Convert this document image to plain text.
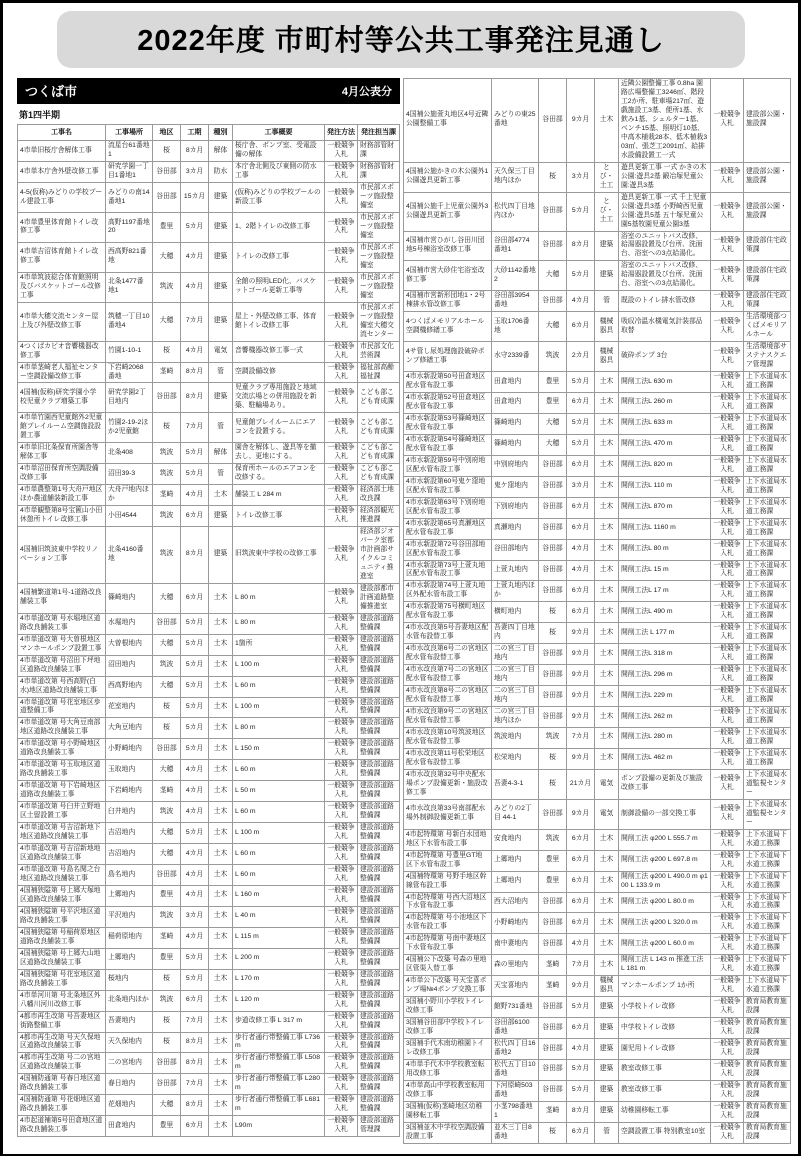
2022年度 市町村等公共工事発注見通し
つくば市	4月公表分
第1四半期
工事名	工事場所	地区	工期	種別	工事概要	発注方法	発注担当課
4市単旧桜庁舎解体工事	流星台61番地1	桜	8カ月	解体	桜庁舎、ポンプ室、受電設備の解体	一般競争入札	財務部管財課
4市単本庁舎外壁改修工事	研究学園一丁目1番地1	谷田部	3カ月	防水	本庁舎北側及び東側の防水工事	一般競争入札	財務部管財課
4-5(仮称)みどりの学校プール建設工事	みどりの南14番地1	谷田部	15カ月	建築	(仮称)みどりの学校プールの新設工事	一般競争入札	市民部スポーツ施設整備室
4市単豊里体育館トイレ改修工事	高野1197番地20	豊里	5カ月	建築	1、2階トイレの改修工事	一般競争入札	市民部スポーツ施設整備室
4市単吉沼体育館トイレ改修工事	西高野821番地	大穂	4カ月	建築	トイレの改修工事	一般競争入札	市民部スポーツ施設整備室
4市単筑波総合体育館照明及びバスケットゴール改修工事	北条1477番地1	筑波	4カ月	建築	全館の照明LED化、バスケットゴール更新工事等	一般競争入札	市民部スポーツ施設整備室
4市単大穂交流センター屋上及び外壁改修工事	筑穂一丁目10番地4	大穂	7カ月	建築	屋上・外壁改修工事、体育館トイレ改修工事	一般競争入札	市民部スポーツ施設整備室大穂交流センター
4つくばカピオ音響機器改修工事	竹園1-10-1	桜	4カ月	電気	音響機器改修工事一式	一般競争入札	市民部文化芸術課
4市単茎崎老人福祉センター空調設備改修工事	下岩崎2068番地	茎崎	8カ月	管	空調設備改修	一般競争入札	福祉部高齢福祉課
4国補(仮称)研究学園小学校児童クラブ増築工事	研究学園2丁目地内	谷田部	8カ月	建築	児童クラブ専用施設と地域交流広場との併用施設を新築、駐輪場あり。	一般競争入札	こども部こども育成課
4市単竹園西児童館外2児童館プレイルーム空調施設設置工事	竹園2-19-2ほか2児童館	桜	7カ月	管	児童館プレイルームにエアコンを設置する。	一般競争入札	こども部こども育成課
4市単旧北条保育所園舎等解体工事	北条408	筑波	5カ月	解体	園舎を解体し、遊具等を撤去し、更地にする。	一般競争入札	こども部こども育成課
4市単沼田保育所空調設備改修工事	沼田39-3	筑波	5カ月	管	保育所ホールのエアコンを改修する。	一般競争入札	こども部こども育成課
4市単農整第1号大舟戸地区ほか農道舗装新設工事	大舟戸地内ほか	茎崎	4カ月	土木	舗装工 L 284 m	一般競争入札	経済部土地改良課
4市単観整第8号宝篋山小田休憩所トイレ改修工事	小田4544	筑波	6カ月	建築	トイレ改修工事	一般競争入札	経済部観光推進課
4国補旧筑波東中学校リノベーション工事	北条4160番地	筑波	8カ月	建築	旧筑波東中学校の改修工事	一般競争入札	経済部ジオパーク室都市計画部サイクルコミュニティ推進室
4国補繁道第1号-1道路改良舗装工事	篠崎地内	大穂	6カ月	土木	L 80 m	一般競争入札	建設部都市計画道路整備推進室
4市単道改第 号水堀地区道路改良舗装工事	水堀地内	谷田部	5カ月	土木	L 80 m	一般競争入札	建設部道路整備課
4市単道改第 号大曽根地区マンホールポンプ設置工事	大曽根地内	大穂	5カ月	土木	1箇所	一般競争入札	建設部道路整備課
4市単道改第 号沼田下坪地区道路改良舗装工事	沼田地内	筑波	5カ月	土木	L 100 m	一般競争入札	建設部道路整備課
4市単道改第 号西高野(白水)地区道路改良舗装工事	西高野地内	大穂	5カ月	土木	L 60 m	一般競争入札	建設部道路整備課
4市単道改第 号花室地区歩道整備工事	花室地内	桜	5カ月	土木	L 100 m	一般競争入札	建設部道路整備課
4市単道改第 号大角豆南部地区道路改良舗装工事	大角豆地内	桜	5カ月	土木	L 80 m	一般競争入札	建設部道路整備課
4市単道改第 号小野崎地区道路改良舗装工事	小野崎地内	谷田部	5カ月	土木	L 150 m	一般競争入札	建設部道路整備課
4市単道改第 号玉取地区道路改良舗装工事	玉取地内	大穂	4カ月	土木	L 60 m	一般競争入札	建設部道路整備課
4市単道改第 号下岩崎地区道路改良舗装工事	下岩崎地内	茎崎	4カ月	土木	L 50 m	一般競争入札	建設部道路整備課
4市単道改第 号臼井立野地区土留設置工事	臼井地内	筑波	4カ月	土木	L 60 m	一般競争入札	建設部道路整備課
4市単道改第 号吉沼新地下地区道路改良舗装工事	吉沼地内	大穂	5カ月	土木	L 100 m	一般競争入札	建設部道路整備課
4市単道改第 号吉沼新地地区道路改良舗装工事	吉沼地内	大穂	4カ月	土木	L 60 m	一般競争入札	建設部道路整備課
4市単道改第 号島名関之台地区道路改良舗装工事	島名地内	谷田部	4カ月	土木	L 60 m	一般競争入札	建設部道路整備課
4国補狭隘第 号上郷大塚地区道路改良舗装工事	上郷地内	豊里	4カ月	土木	L 160 m	一般競争入札	建設部道路整備課
4国補狭隘第 号平沢地区道路改良舗装工事	平沢地内	筑波	3カ月	土木	L 40 m	一般競争入札	建設部道路整備課
4国補狭隘第 号稲荷原地区道路改良舗装工事	稲荷原地内	茎崎	4カ月	土木	L 115 m	一般競争入札	建設部道路整備課
4国補狭隘第 号上郷大山地区道路改良舗装工事	上郷地内	豊里	5カ月	土木	L 200 m	一般競争入札	建設部道路整備課
4国補狭隘第 号花室地区道路改良舗装工事	桜地内	桜	5カ月	土木	L 170 m	一般競争入札	建設部道路整備課
4市単河川第 号北条地区外八幡川河川改修工事	北条地内ほか	筑波	6カ月	土木	L 120 m	一般競争入札	建設部道路整備課
4都市再生改第 号吾妻地区街路整備工事	吾妻地内	桜	7カ月	土木	歩道改修工事 L 317 m	一般競争入札	建設部道路整備課
4都市再生改第 号天久保地区道路改良舗装工事	天久保地内	桜	8カ月	土木	歩行者通行帯整備工事 L736m	一般競争入札	建設部道路整備課
4都市再生改第 号二の宮地区道路改良舗装工事	二の宮地内	谷田部	8カ月	土木	歩行者通行帯整備工事 L508m	一般競争入札	建設部道路整備課
4国補防通第 号春日地区道路改良舗装工事	春日地内	谷田部	7カ月	土木	歩行者通行帯整備工事 L280m	一般競争入札	建設部道路整備課
4国補防通第 号花畑地区道路改良舗装工事	花畑地内	大穂	8カ月	土木	歩行者通行帯整備工事 L681m	一般競争入札	建設部道路整備課
4市起道補第5号田倉地区道路改良舗装工事	田倉地内	豊里	6カ月	土木	L90m	一般競争入札	建設部道路管理課
4国補公施萱丸地区4号近隣公園整備工事	みどりの東25番地	谷田部	9カ月	土木	近隣公園整備工事 0.8ha 園路広場整備工3246㎡、階段工2か所、駐車場217㎡、遊戯施設工3基、便所1基、水飲み1基、シェルター1基、ベンチ15基、照明灯10基、中高木植栽28本、低木植栽303㎡、張芝工2091㎡、給排水設備設置工一式	一般競争入札	建設部公園・施設課
4国補公施かきの木公園外1公園遊具更新工事	天久保三丁目地内ほか	桜	3カ月	とび・土工	遊具更新工事 一式 かきの木公園:遊具2基 鍛冶塚児童公園:遊具3基	一般競争入札	建設部公園・施設課
4国補公施千上児童公園外3公園遊具更新工事	松代四丁目地内ほか	谷田部	5カ月	とび・土工	遊具更新工事 一式 千上児童公園:遊具3基 小野崎西児童公園:遊具5基 五十塚児童公園5基牧園児童公園3基	一般競争入札	建設部公園・施設課
4国補市営ひがし谷田川団地5号棟浴室改修工事	谷田部4774番地1	谷田部	8カ月	建築	浴室のユニットバス改修、給湯器設置及び台所、洗面台、浴室への3点給湯化。	一般競争入札	建設部住宅政策課
4国補市営大砂住宅浴室改修工事	大砂1142番地2	大穂	5カ月	建築	浴室のユニットバス改修、給湯器設置及び台所、洗面台、浴室への3点給湯化。	一般競争入札	建設部住宅政策課
4国補市営新形団地1・2号棟排水管改修工事	谷田部3954番地	谷田部	4カ月	管	既設のトイレ排水管改修	一般競争入札	建設部住宅政策課
4つくばメモリアルホール空調機修繕工事	玉取1706番地	大穂	6カ月	機械器具	吸収冷温水機電気計装部品取替	一般競争入札	生活環境部つくばメモリアルホール
4サ管し尿処理施設破砕ポンプ修繕工事	水守2339番	筑波	2カ月	機械器具	破砕ポンプ 3台	一般競争入札	生活環境部サステナスクエア管理課
4市水新設第50号田倉地区配水管布設工事	田倉地内	豊里	5カ月	土木	開削工法L 630 m	一般競争入札	上下水道局水道工務課
4市水新設第52号田倉地区配水管布設工事	田倉地内	豊里	6カ月	土木	開削工法L 260 m	一般競争入札	上下水道局水道工務課
4市水新設第53号篠崎地区配水管布設工事	篠崎地内	大穂	5カ月	土木	開削工法L 633 m	一般競争入札	上下水道局水道工務課
4市水新設第54号篠崎地区配水管布設工事	篠崎地内	大穂	5カ月	土木	開削工法L 470 m	一般競争入札	上下水道局水道工務課
4市水新設第59号中別府地区配水管布設工事	中別府地内	谷田部	6カ月	土木	開削工法L 820 m	一般競争入札	上下水道局水道工務課
4市水新設第60号鬼ケ窪地区配水管布設工事	鬼ケ窪地内	谷田部	3カ月	土木	開削工法L 110 m	一般競争入札	上下水道局水道工務課
4市水新設第63号下別府地区配水管布設工事	下別府地内	谷田部	6カ月	土木	開削工法L 870 m	一般競争入札	上下水道局水道工務課
4市水新設第65号真瀬地区配水管布設工事	真瀬地内	谷田部	6カ月	土木	開削工法L 1160 m	一般競争入札	上下水道局水道工務課
4市水新設第72号谷田部地区配水管布設工事	谷田部地内	谷田部	4カ月	土木	開削工法L 80 m	一般競争入札	上下水道局水道工務課
4市水新設第73号上萱丸地区配水管布設工事	上萱丸地内	谷田部	4カ月	土木	開削工法L 15 m	一般競争入札	上下水道局水道工務課
4市水新設第74号上萱丸地区外配水管布設工事	上萱丸地内ほか	谷田部	6カ月	土木	開削工法L 17 m	一般競争入札	上下水道局水道工務課
4市水新設第75号横町地区配水管布設工事	横町地内	桜	6カ月	土木	開削工法L 490 m	一般競争入札	上下水道局水道工務課
4市水改良第5号吾妻地区配水管布設替工事	吾妻四丁目地内	桜	9カ月	土木	開削工法 L 177 m	一般競争入札	上下水道局水道工務課
4市水改良第6号二の宮地区配水管布設替工事	二の宮三丁目地内	谷田部	9カ月	土木	開削工法L 318 m	一般競争入札	上下水道局水道工務課
4市水改良第7号二の宮地区配水管布設替工事	二の宮三丁目地内	谷田部	9カ月	土木	開削工法L 296 m	一般競争入札	上下水道局水道工務課
4市水改良第8号二の宮地区配水管布設替工事	二の宮三丁目地内	谷田部	9カ月	土木	開削工法L 229 m	一般競争入札	上下水道局水道工務課
4市水改良第9号二の宮地区配水管布設替工事	二の宮三丁目地内ほか	谷田部	9カ月	土木	開削工法L 262 m	一般競争入札	上下水道局水道工務課
4市水改良第10号筑波地区配水管布設替工事	筑波地内	筑波	7カ月	土木	開削工法L 280 m	一般競争入札	上下水道局水道工務課
4市水改良第11号松栄地区配水管布設替工事	松栄地内	桜	9カ月	土木	開削工法L 462 m	一般競争入札	上下水道局水道工務課
4市水改良第32号中央配水場ポンプ設備更新・施設改修工事	吾妻4-3-1	桜	21カ月	電気	ポンプ設備の更新及び施設改修工事	一般競争入札	上下水道局水道監視センター
4市水改良第33号南部配水場外制御設備更新工事	みどりの2丁目 44-1	谷田部	9カ月	電気	制御設備の一部交換工事	一般競争入札	上下水道局水道監視センター
4市起特環第 号新白水団地地区下水管布設工事	安食地内	筑波	6カ月	土木	開削工法 φ200 L 555.7 m	一般競争入札	上下水道局下水道工務課
4市起特環第 号豊里GT地区下水管布設工事	上郷地内	豊里	6カ月	土木	開削工法 φ200 L 697.8 m	一般競争入札	上下水道局下水道工務課
4国補特環第 号野手地区幹線管布設工事	上郷地内	豊里	6カ月	土木	開削工法 φ200 L 490.0 m φ100 L 133.9 m	一般競争入札	上下水道局下水道工務課
4市起特環第 号西大沼地区下水管布設工事	西大沼地内	谷田部	6カ月	土木	開削工法 φ200 L 80.0 m	一般競争入札	上下水道局下水道工務課
4市起特環第 号小池地区下水管布設工事	小野崎地内	谷田部	6カ月	土木	開削工法 φ200 L 320.0 m	一般競争入札	上下水道局下水道工務課
4市起特環第 号南中妻地区下水管布設工事	南中妻地内	谷田部	4カ月	土木	開削工法 φ200 L 60.0 m	一般競争入札	上下水道局下水道工務課
4国補公下改築 号森の里地区管渠入替工事	森の里地内	茎崎	7カ月	土木	開削工法 L 143 m 推進工法 L 181 m	一般競争入札	上下水道局下水道工務課
4市単公下改築 号天宝喜ポンプ場№4ポンプ交換工事	天宝喜地内	茎崎	9カ月	機械器具	マンホールポンプ 1か所	一般競争入札	上下水道局下水道工務課
3国補小野川小学校トイレ改修工事	館野731番地	谷田部	5カ月	建築	小学校トイレ改修	一般競争入札	教育局教育施設課
3国補谷田部中学校トイレ改修工事	谷田部6100番地	谷田部	6カ月	建築	中学校トイレ改修	一般競争入札	教育局教育施設課
3国補手代木南幼稚園トイレ改修工事	松代四丁目16番地2	谷田部	4カ月	建築	園児用トイレ改修	一般競争入札	教育局教育施設課
4市単手代木中学校教室転用改修工事	松代五丁目10番地	谷田部	5カ月	建築	教室改修工事	一般競争入札	教育局教育施設課
4市単高山中学校教室転用改修工事	下河原崎503番地	谷田部	5カ月	建築	教室改修工事	一般競争入札	教育局教育施設課
3国補(仮称)茎崎地区幼稚園移転工事	小茎798番地1	茎崎	8カ月	建築	幼稚園移転工事	一般競争入札	教育局教育施設課
3国補並木中学校空調設備設置工事	並木三丁目8番地	桜	6カ月	管	空調設置工事 特別教室10室	一般競争入札	教育局教育施設課
